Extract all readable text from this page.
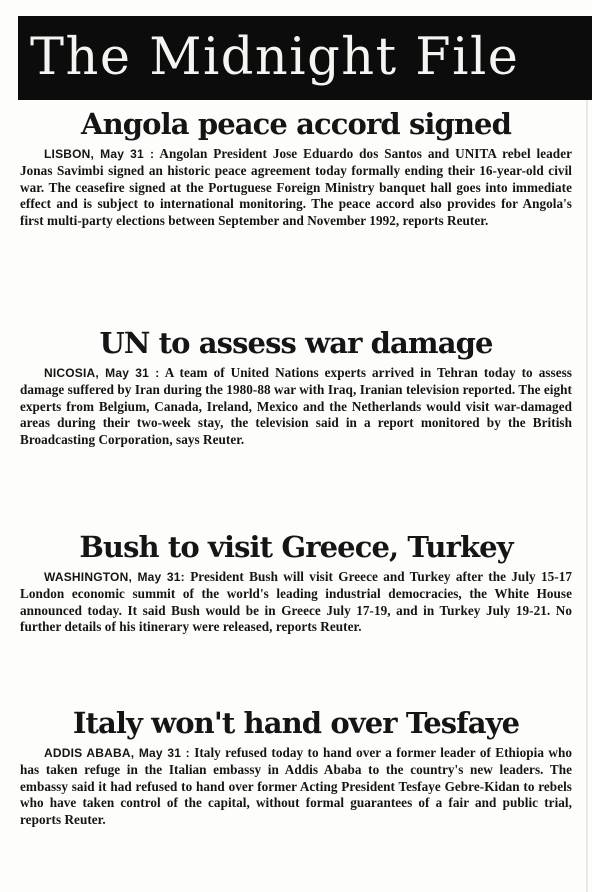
The Midnight File
Angola peace accord signed

LISBON, May 31 : Angolan President Jose Eduardo dos Santos and UNITA rebel leader Jonas Savimbi signed an historic peace agreement today formally ending their 16-year-old civil war. The ceasefire signed at the Portuguese Foreign Ministry banquet hall goes into immediate effect and is subject to international monitoring. The peace accord also provides for Angola's first multi-party elections between September and November 1992, reports Reuter.

UN to assess war damage

NICOSIA, May 31 : A team of United Nations experts arrived in Tehran today to assess damage suffered by Iran during the 1980-88 war with Iraq, Iranian television reported. The eight experts from Belgium, Canada, Ireland, Mexico and the Netherlands would visit war-damaged areas during their two-week stay, the television said in a report monitored by the British Broadcasting Corporation, says Reuter.

Bush to visit Greece, Turkey

WASHINGTON, May 31: President Bush will visit Greece and Turkey after the July 15-17 London economic summit of the world's leading industrial democracies, the White House announced today. It said Bush would be in Greece July 17-19, and in Turkey July 19-21. No further details of his itinerary were released, reports Reuter.

Italy won't hand over Tesfaye

ADDIS ABABA, May 31 : Italy refused today to hand over a former leader of Ethiopia who has taken refuge in the Italian embassy in Addis Ababa to the country's new leaders. The embassy said it had refused to hand over former Acting President Tesfaye Gebre-Kidan to rebels who have taken control of the capital, without formal guarantees of a fair and public trial, reports Reuter.
